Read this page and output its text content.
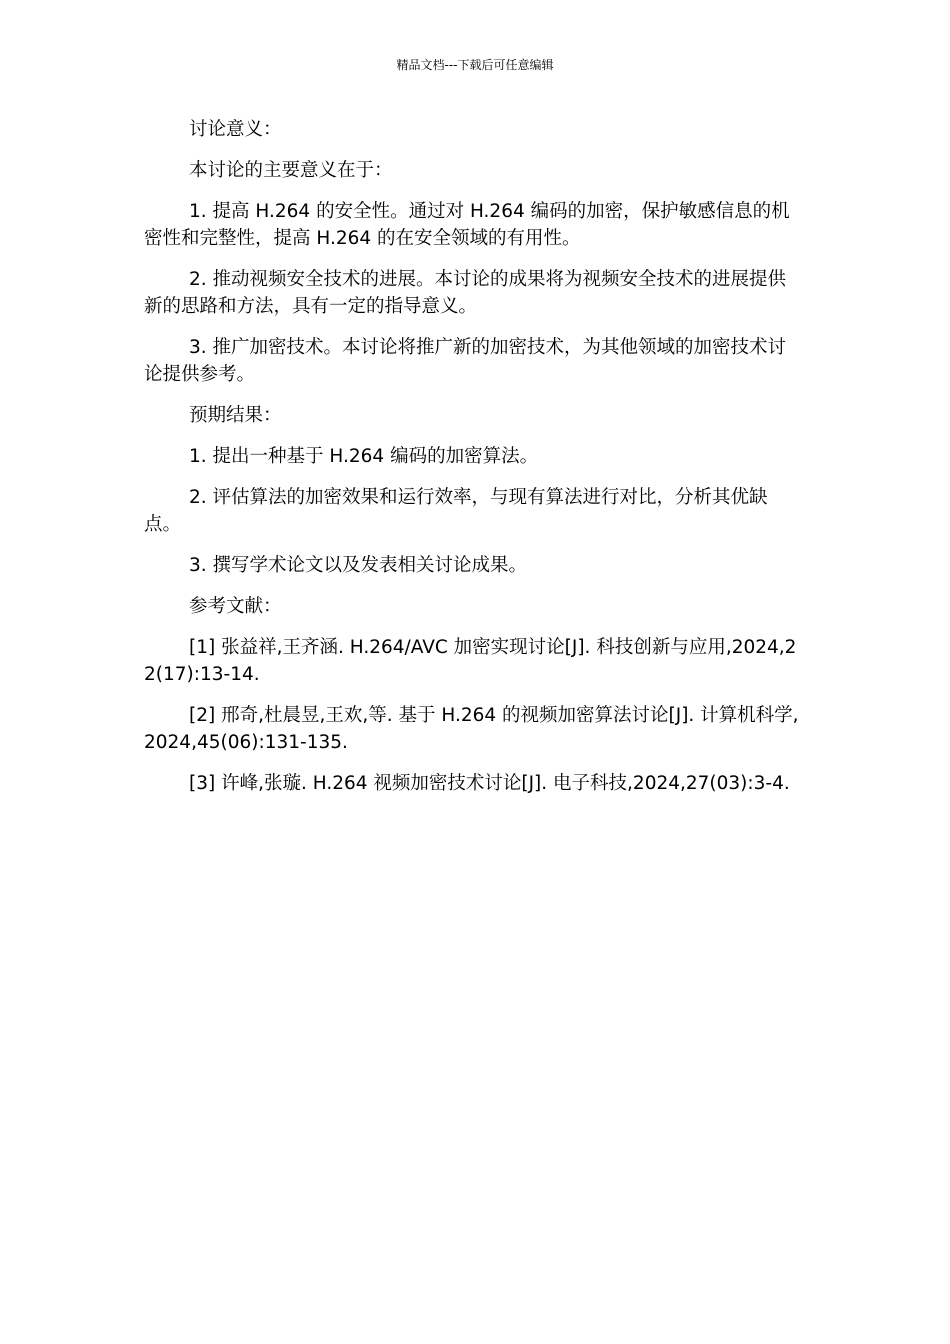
精品文档---下载后可任意编辑

讨论意义：

本讨论的主要意义在于：

1. 提高 H.264 的安全性。通过对 H.264 编码的加密，保护敏感信息的机密性和完整性，提高 H.264 的在安全领域的有用性。

2. 推动视频安全技术的进展。本讨论的成果将为视频安全技术的进展提供新的思路和方法，具有一定的指导意义。

3. 推广加密技术。本讨论将推广新的加密技术，为其他领域的加密技术讨论提供参考。

预期结果：

1. 提出一种基于 H.264 编码的加密算法。

2. 评估算法的加密效果和运行效率，与现有算法进行对比，分析其优缺点。

3. 撰写学术论文以及发表相关讨论成果。

参考文献：

[1] 张益祥,王齐涵. H.264/AVC 加密实现讨论[J]. 科技创新与应用,2024,22(17):13-14.

[2] 邢奇,杜晨昱,王欢,等. 基于 H.264 的视频加密算法讨论[J]. 计算机科学,2024,45(06):131-135.

[3] 许峰,张璇. H.264 视频加密技术讨论[J]. 电子科技,2024,27(03):3-4.
